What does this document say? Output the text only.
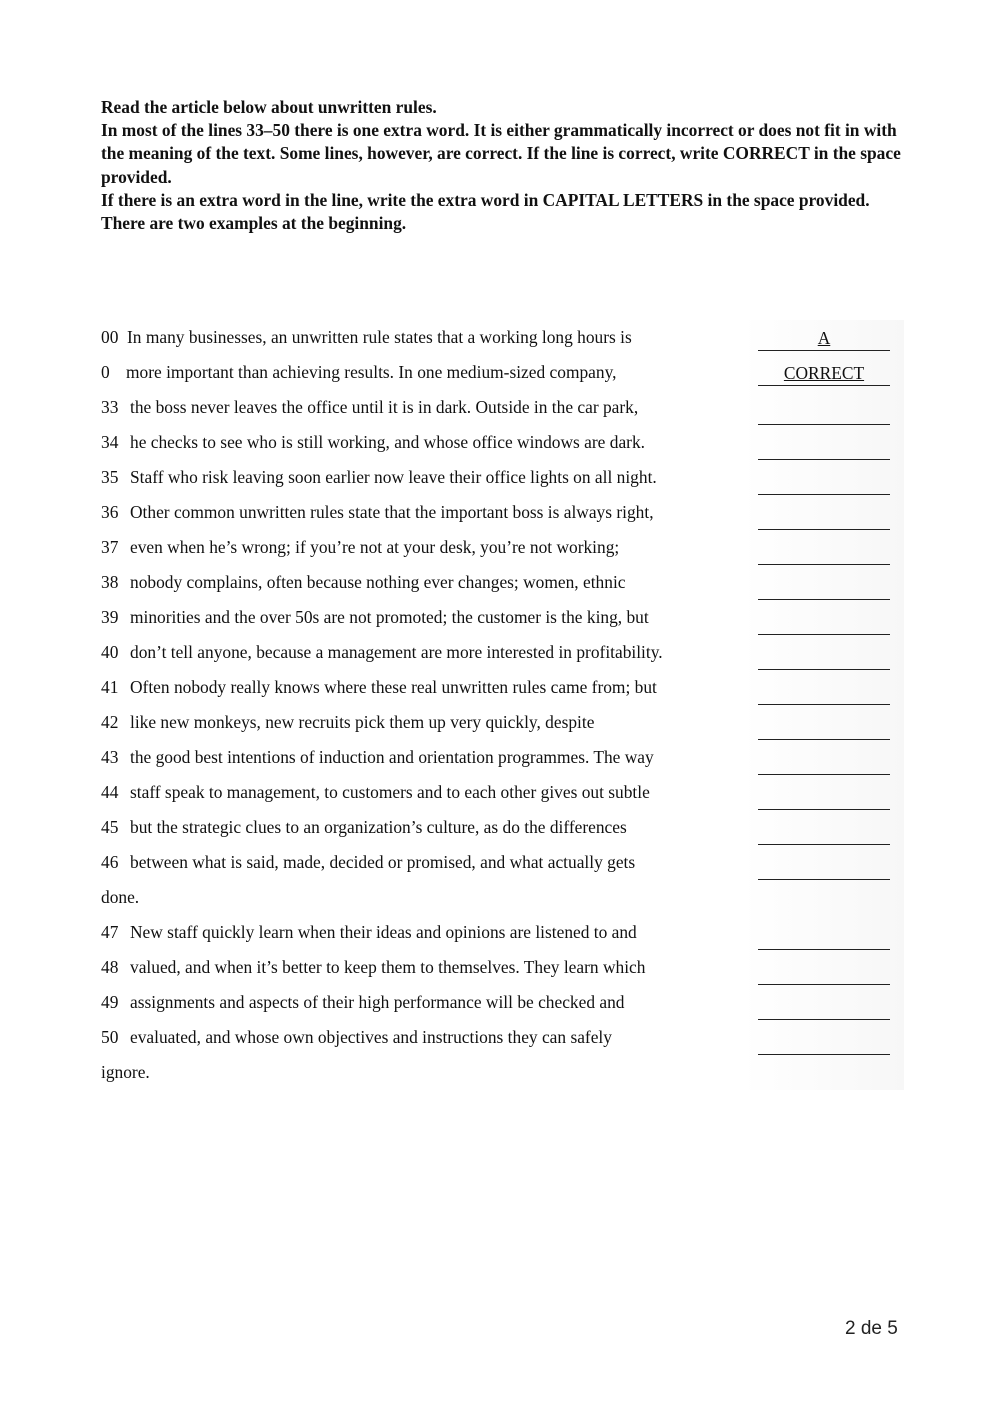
Read the article below about unwritten rules.

In most of the lines 33–50 there is one extra word. It is either grammatically incorrect or does not fit in with the meaning of the text. Some lines, however, are correct. If the line is correct, write CORRECT in the space provided.

If there is an extra word in the line, write the extra word in CAPITAL LETTERS in the space provided.

There are two examples at the beginning.

00 In many businesses, an unwritten rule states that a working long hours is	A
0 more important than achieving results. In one medium-sized company,	CORRECT
33 the boss never leaves the office until it is in dark. Outside in the car park,
34 he checks to see who is still working, and whose office windows are dark.
35 Staff who risk leaving soon earlier now leave their office lights on all night.
36 Other common unwritten rules state that the important boss is always right,
37 even when he’s wrong; if you’re not at your desk, you’re not working;
38 nobody complains, often because nothing ever changes; women, ethnic
39 minorities and the over 50s are not promoted; the customer is the king, but
40 don’t tell anyone, because a management are more interested in profitability.
41 Often nobody really knows where these real unwritten rules came from; but
42 like new monkeys, new recruits pick them up very quickly, despite
43 the good best intentions of induction and orientation programmes. The way
44 staff speak to management, to customers and to each other gives out subtle
45 but the strategic clues to an organization’s culture, as do the differences
46 between what is said, made, decided or promised, and what actually gets
done.
47 New staff quickly learn when their ideas and opinions are listened to and
48 valued, and when it’s better to keep them to themselves. They learn which
49 assignments and aspects of their high performance will be checked and
50 evaluated, and whose own objectives and instructions they can safely
ignore.
2 de 5
